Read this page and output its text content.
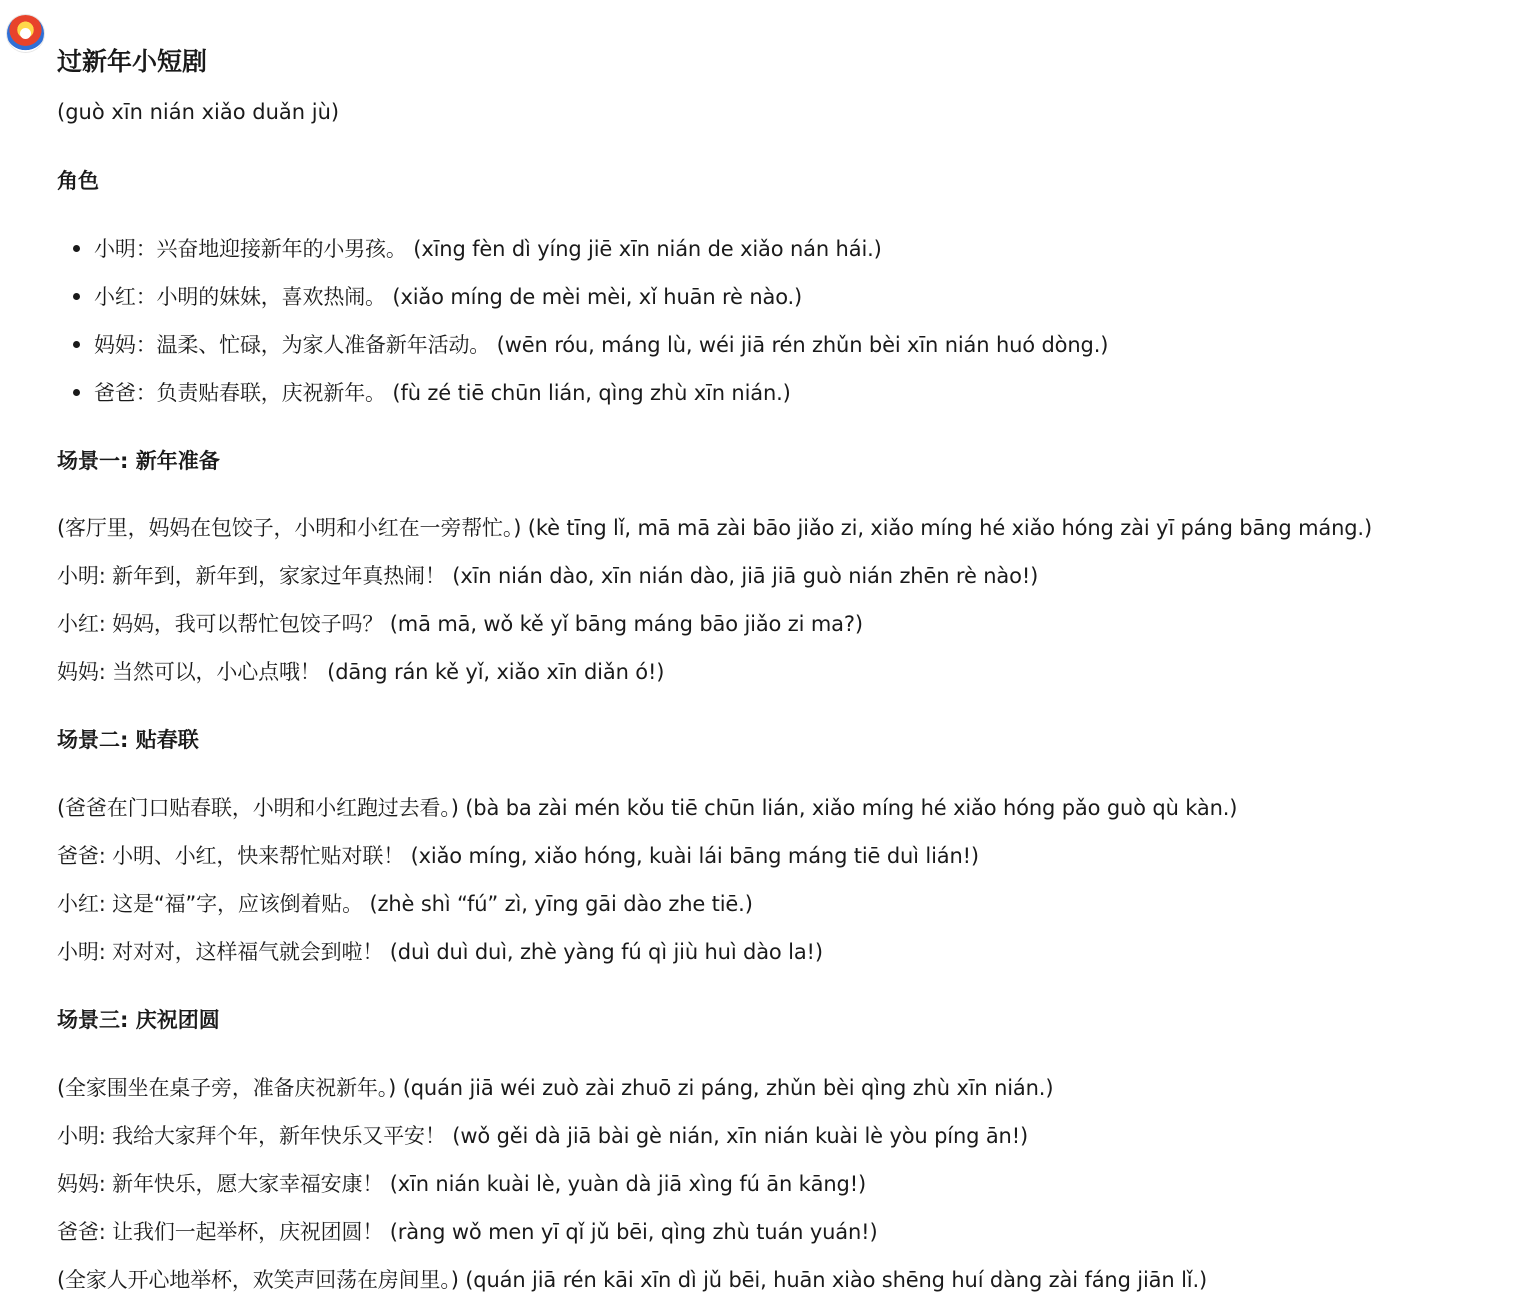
过新年小短剧
(guò xīn nián xiǎo duǎn jù)
角色
小明：兴奋地迎接新年的小男孩。 (xīng fèn dì yíng jiē xīn nián de xiǎo nán hái.)
小红：小明的妹妹，喜欢热闹。 (xiǎo míng de mèi mèi, xǐ huān rè nào.)
妈妈：温柔、忙碌，为家人准备新年活动。 (wēn róu, máng lù, wéi jiā rén zhǔn bèi xīn nián huó dòng.)
爸爸：负责贴春联，庆祝新年。 (fù zé tiē chūn lián, qìng zhù xīn nián.)
场景一: 新年准备
(客厅里，妈妈在包饺子，小明和小红在一旁帮忙。) (kè tīng lǐ, mā mā zài bāo jiǎo zi, xiǎo míng hé xiǎo hóng zài yī páng bāng máng.)
小明: 新年到，新年到，家家过年真热闹！ (xīn nián dào, xīn nián dào, jiā jiā guò nián zhēn rè nào!)
小红: 妈妈，我可以帮忙包饺子吗？ (mā mā, wǒ kě yǐ bāng máng bāo jiǎo zi ma?)
妈妈: 当然可以，小心点哦！ (dāng rán kě yǐ, xiǎo xīn diǎn ó!)
场景二: 贴春联
(爸爸在门口贴春联，小明和小红跑过去看。) (bà ba zài mén kǒu tiē chūn lián, xiǎo míng hé xiǎo hóng pǎo guò qù kàn.)
爸爸: 小明、小红，快来帮忙贴对联！ (xiǎo míng, xiǎo hóng, kuài lái bāng máng tiē duì lián!)
小红: 这是“福”字，应该倒着贴。 (zhè shì “fú” zì, yīng gāi dào zhe tiē.)
小明: 对对对，这样福气就会到啦！ (duì duì duì, zhè yàng fú qì jiù huì dào la!)
场景三: 庆祝团圆
(全家围坐在桌子旁，准备庆祝新年。) (quán jiā wéi zuò zài zhuō zi páng, zhǔn bèi qìng zhù xīn nián.)
小明: 我给大家拜个年，新年快乐又平安！ (wǒ gěi dà jiā bài gè nián, xīn nián kuài lè yòu píng ān!)
妈妈: 新年快乐，愿大家幸福安康！ (xīn nián kuài lè, yuàn dà jiā xìng fú ān kāng!)
爸爸: 让我们一起举杯，庆祝团圆！ (ràng wǒ men yī qǐ jǔ bēi, qìng zhù tuán yuán!)
(全家人开心地举杯，欢笑声回荡在房间里。) (quán jiā rén kāi xīn dì jǔ bēi, huān xiào shēng huí dàng zài fáng jiān lǐ.)
